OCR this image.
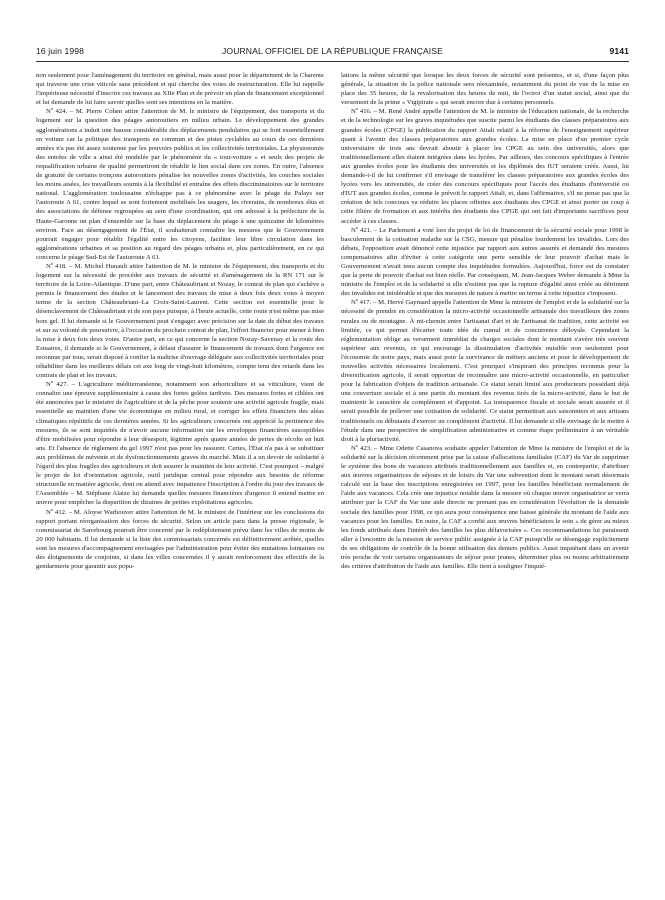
16 juin 1998	JOURNAL OFFICIEL DE LA RÉPUBLIQUE FRANÇAISE	9141

non seulement pour l'aménagement du territoire en général, mais aussi pour le département de la Charente qui traverse une crise viticole sans précédent et qui cherche des voies de restructuration. Elle lui rappelle l'impérieuse nécessité d'inscrire ces travaux au XIIe Plan et de prévoir un plan de financement exceptionnel et lui demande de lui faire savoir quelles sont ses intentions en la matière.

Nº 424. – M. Pierre Cohen attire l'attention de M. le ministre de l'équipement, des transports et du logement sur la question des péages autoroutiers en milieu urbain. Le développement des grandes agglomérations a induit une hausse considérable des déplacements pendulaires qui se font essentiellement en voiture car la politique des transports en commun et des pistes cyclables au cours de ces dernières années n'a pas été assez soutenue par les pouvoirs publics et les collectivités territoriales. La physionomie des entrées de ville a ainsi été modelée par le phénomène du « tout-voiture » et seuls des projets de requalification urbaine de qualité permettront de rétablir le lien social dans ces zones. En outre, l'absence de gratuité de certains tronçons autoroutiers pénalise les nouvelles zones d'activités, les couches sociales les moins aisées, les travailleurs soumis à la flexibilité et entraîne des effets discriminatoires sur le territoire national. L'agglomération toulousaine n'échappe pas à ce phénomène avec le péage du Palays sur l'autoroute A 61, contre lequel se sont fortement mobilisés les usagers, les riverains, de nombreux élus et des associations de défense regroupées au sein d'une coordination, qui ont adressé à la préfecture de la Haute-Garonne un plan d'ensemble sur la base du déplacement du péage à une quinzaine de kilomètres environ. Face au désengagement de l'État, il souhaiterait connaître les mesures que le Gouvernement pourrait engager pour rétablir l'égalité entre les citoyens, faciliter leur libre circulation dans les agglomérations urbaines et sa position au regard des péages urbains et, plus particulièrement, en ce qui concerne le péage Sud-Est de l'autoroute A 61.

Nº 418. – M. Michel Hunault attire l'attention de M. le ministre de l'équipement, des transports et du logement sur la nécessité de procéder aux travaux de sécurité et d'aménagement de la RN 171 sur le territoire de la Loire-Atlantique. D'une part, entre Châteaubriant et Nozay, le contrat de plan qui s'achève a permis le financement des études et le lancement des travaux de mise à deux fois deux voies à moyen terme de la section Châteaubriant–La Croix-Saint-Laurent. Cette section est essentielle pour le désenclavement de Châteaubriant et de son pays puisque, à l'heure actuelle, cette route n'est même pas mise hors gel. Il lui demande si le Gouvernement peut s'engager avec précision sur la date de début des travaux et sur sa volonté de poursuivre, à l'occasion du prochain contrat de plan, l'effort financier pour mener à bien la mise à deux fois deux voies. D'autre part, en ce qui concerne la section Nozay–Savenay et la route des Estuaires, il demande si le Gouvernement, à défaut d'assurer le financement de travaux dont l'urgence est reconnue par tous, serait disposé à confier la maîtrise d'ouvrage déléguée aux collectivités territoriales pour réhabiliter dans les meilleurs délais cet axe long de vingt-huit kilomètres, compte tenu des retards dans les contrats de plan et les travaux.

Nº 427. – L'agriculture méditerranéenne, notamment son arboriculture et sa viticulture, vient de connaître une épreuve supplémentaire à cause des fortes gelées tardives. Des mesures fortes et ciblées ont été annoncées par le ministre de l'agriculture et de la pêche pour soutenir une activité agricole fragile, mais essentielle au maintien d'une vie économique en milieu rural, et corriger les effets financiers des aléas climatiques répétitifs de ces dernières années. Si les agriculteurs concernés ont apprécié la pertinence des mesures, ils se sont inquiétés de n'avoir aucune information sur les enveloppes financières susceptibles d'être mobilisées pour répondre à leur désespoir, légitime après quatre années de pertes de récolte en huit ans. Et l'absence de règlement du gel 1997 n'est pas pour les rassurer. Certes, l'État n'a pas à se substituer aux problèmes de mévente et de dysfonctionnements graves du marché. Mais il a un devoir de solidarité à l'égard des plus fragiles des agriculteurs et doit assurer le maintien de leur activité. C'est pourquoi – malgré le projet de loi d'orientation agricole, outil juridique central pour répondre aux besoins de réforme structurelle en matière agricole, dont on attend avec impatience l'inscription à l'ordre du jour des travaux de l'Assemblée – M. Stéphane Alaize lui demande quelles mesures financières d'urgence il entend mettre en œuvre pour empêcher la disparition de dizaines de petites exploitations agricoles.

Nº 412. – M. Aloyse Warhouver attire l'attention de M. le ministre de l'intérieur sur les conclusions du rapport portant réorganisation des forces de sécurité. Selon un article paru dans la presse régionale, le commissariat de Sarrebourg pourrait être concerné par le redéploiement prévu dans les villes de moins de 20 000 habitants. Il lui demande si la liste des commissariats concernés est définitivement arrêtée, quelles sont les mesures d'accompagnement envisagées par l'administration pour éviter des mutations lointaines ou des éloignements de conjoints, si dans les villes concernées il y aurait renforcement des effectifs de la gendarmerie pour garantir aux popu-

lations la même sécurité que lorsque les deux forces de sécurité sont présentes, et si, d'une façon plus générale, la situation de la police nationale sera réexaminée, notamment du point de vue de la mise en place des 35 heures, de la revalorisation des heures de nuit, de l'octroi d'un statut social, ainsi que du versement de la prime « Vigipirate » qui serait encore due à certains personnels.

Nº 416. – M. René André appelle l'attention de M. le ministre de l'éducation nationale, de la recherche et de la technologie sur les graves inquiétudes que suscite parmi les étudiants des classes préparatoires aux grandes écoles (CPGE) la publication du rapport Attali relatif à la réforme de l'enseignement supérieur quant à l'avenir des classes préparatoires aux grandes écoles. La mise en place d'un premier cycle universitaire de trois ans devrait aboutir à placer les CPGE au sein des universités, alors que traditionnellement elles étaient intégrées dans les lycées. Par ailleurs, des concours spécifiques à l'entrée aux grandes écoles pour les étudiants des universités et les diplômés des IUT seraient créés. Aussi, lui demande-t-il de lui confirmer s'il envisage de transférer les classes préparatoires aux grandes écoles des lycées vers les universités, de créer des concours spécifiques pour l'accès des étudiants d'université ou d'IUT aux grandes écoles, comme le prévoit le rapport Attali, et, dans l'affirmative, s'il ne pense pas que la création de tels concours va réduire les places offertes aux étudiants des CPGE et ainsi porter un coup à cette filière de formation et aux intérêts des étudiants des CPGE qui ont fait d'importants sacrifices pour accéder à ces classes.

Nº 421. – Le Parlement a voté lors du projet de loi de financement de la sécurité sociale pour 1998 le basculement de la cotisation maladie sur la CSG, mesure qui pénalise lourdement les invalides. Lors des débats, l'opposition avait dénoncé cette injustice par rapport aux autres assurés et demandé des mesures compensatoires afin d'éviter à cette catégorie une perte sensible de leur pouvoir d'achat mais le Gouvernement n'avait tenu aucun compte des inquiétudes formulées. Aujourd'hui, force est de constater que la perte de pouvoir d'achat est bien réelle. Par conséquent, M. Jean-Jacques Weber demande à Mme la ministre de l'emploi et de la solidarité si elle n'estime pas que la rupture d'égalité ainsi créée au détriment des invalides est intolérable et que des mesures de nature à mettre un terme à cette injustice s'imposent.

Nº 417. – M. Hervé Gaymard appelle l'attention de Mme la ministre de l'emploi et de la solidarité sur la nécessité de prendre en considération la micro-activité occasionnelle artisanale des travailleurs des zones rurales ou de montagne. À mi-chemin entre l'artisanat d'art et de l'artisanat de tradition, cette activité est limitée, ce qui permet d'écarter toute idée de cumul et de concurrence déloyale. Cependant la réglementation oblige au versement immédiat de charges sociales dont le montant s'avère très souvent supérieur aux revenus, ce qui encourage la dissimulation d'activités nuisible non seulement pour l'économie de notre pays, mais aussi pour la survivance de métiers anciens et pour le développement de nouvelles activités nécessaires localement. C'est pourquoi s'inspirant des principes reconnus pour la diversification agricole, il serait opportun de reconnaître une micro-activité occasionnelle, en particulier pour la fabrication d'objets de tradition artisanale. Ce statut serait limité aux producteurs possédant déjà une couverture sociale et à une partie du montant des revenus tirés de la micro-activité, dans le but de maintenir le caractère de complément et d'appoint. La transparence fiscale et sociale serait assurée et il serait possible de prélever une cotisation de solidarité. Ce statut permettrait aux saisonniers et aux artisans traditionnels ou débutants d'exercer un complément d'activité. Il lui demande si elle envisage de le mettre à l'étude dans une perspective de simplification administrative et comme étape préliminaire à un véritable droit à la pluriactivité.

Nº 423. – Mme Odette Casanova souhaite appeler l'attention de Mme la ministre de l'emploi et de la solidarité sur la décision récemment prise par la caisse d'allocations familiales (CAF) du Var de supprimer le système des bons de vacances attribués traditionnellement aux familles et, en contrepartie, d'attribuer aux œuvres organisatrices de séjours et de loisirs du Var une subvention dont le montant serait désormais calculé sur la base des inscriptions enregistrées en 1997, pour les familles bénéficiant normalement de l'aide aux vacances. Cela crée une injustice notable dans la mesure où chaque œuvre organisatrice se verra attribuer par la CAF du Var une aide directe ne prenant pas en considération l'évolution de la demande sociale des familles pour 1998, ce qui aura pour conséquence une baisse générale du montant de l'aide aux vacances pour les familles. En outre, la CAF a confié aux œuvres bénéficiaires le soin « de gérer au mieux les fonds attribués dans l'intérêt des familles les plus défavorisées ». Ces recommandations lui paraissent aller à l'encontre de la mission de service public assignée à la CAF puisqu'elle se désengage explicitement de ses obligations de contrôle de la bonne utilisation des deniers publics. Aussi inquiétant dans un avenir très proche de voir certains organisateurs de séjour pour jeunes, déterminer plus ou moins arbitrairement des critères d'attribution de l'aide aux familles. Elle tient à souligner l'inquié-
